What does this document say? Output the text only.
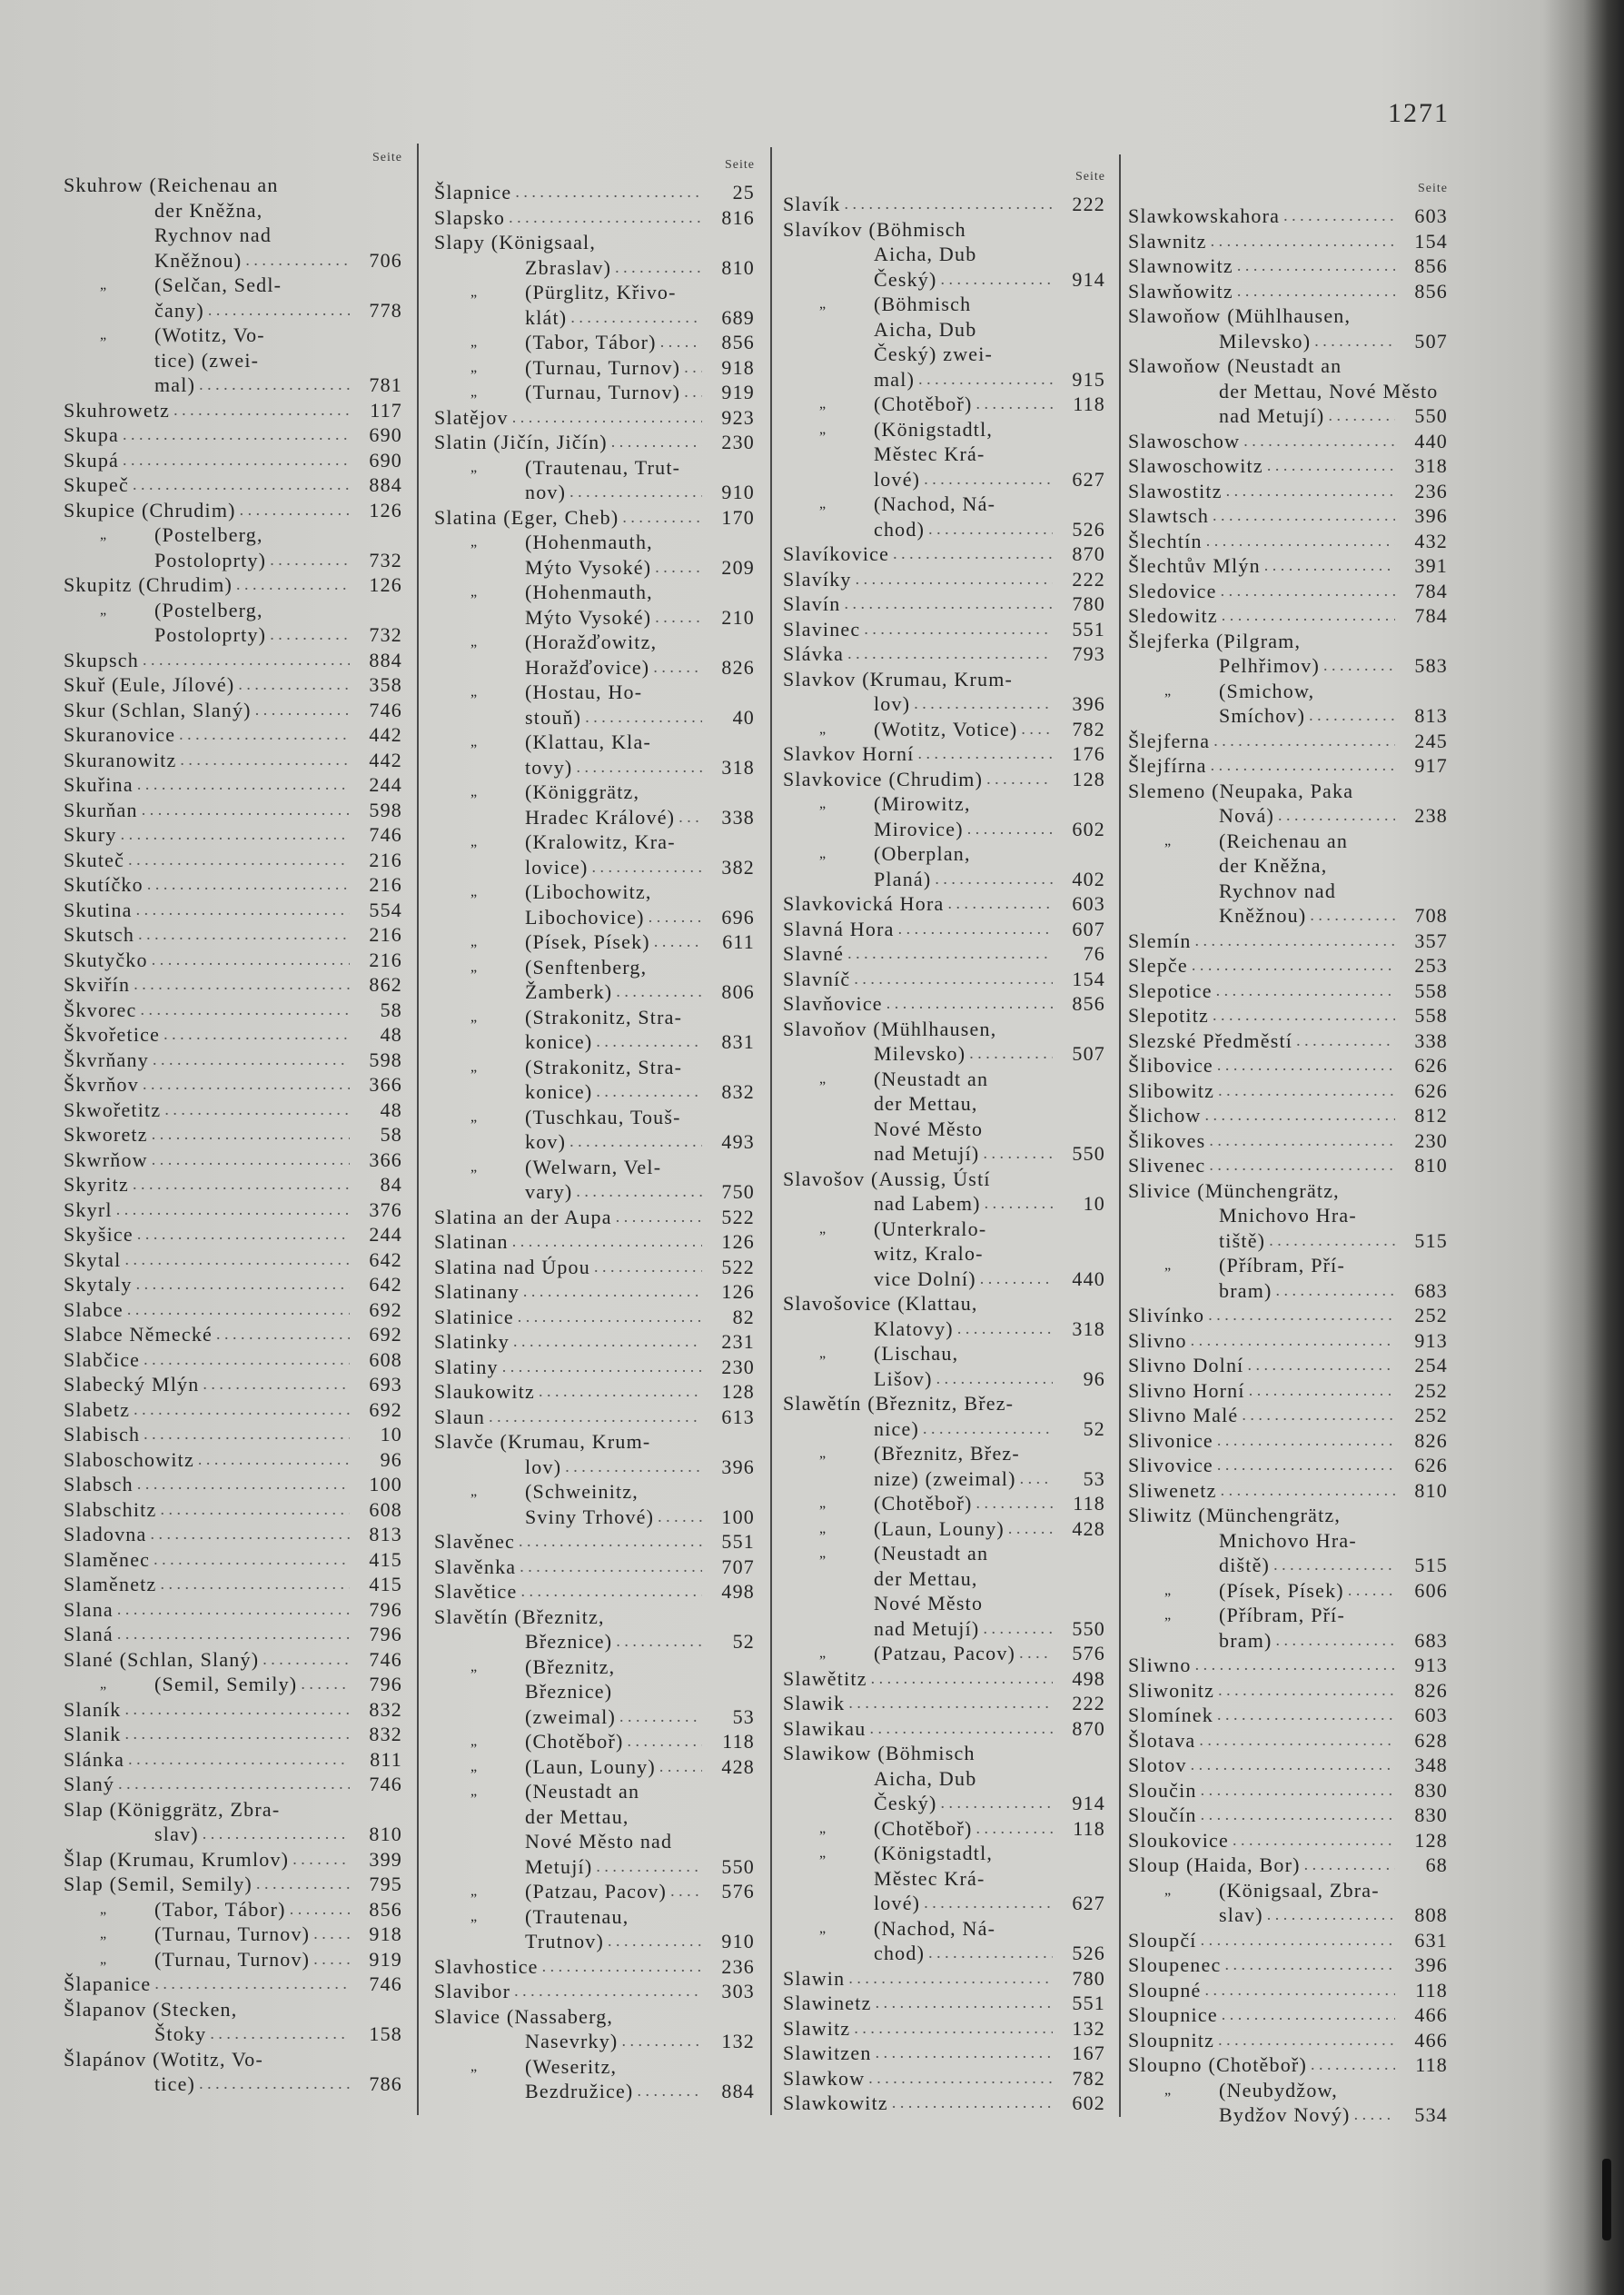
1271
Seite
Skuhrow (Reichenau an
der Kněžna,
Rychnov nad
Kněžnou) . . .	706
„ (Selčan, Sedl-
čany) . . .	778
„ (Wotitz, Vo-
tice) (zwei-
mal) . . .	781
Skuhrowetz . . .	117
Skupa . . .	690
Skupá . . .	690
Skupeč . . .	884
Skupice (Chrudim) . . .	126
„ (Postelberg,
Postoloprty) . . .	732
Skupitz (Chrudim) . . .	126
„ (Postelberg,
Postoloprty) . . .	732
Skupsch . . .	884
Skuř (Eule, Jílové) . . .	358
Skur (Schlan, Slaný) . . .	746
Skuranovice . . .	442
Skuranowitz . . .	442
Skuřina . . .	244
Skurňan . . .	598
Skury . . .	746
Skuteč . . .	216
Skutíčko . . .	216
Skutina . . .	554
Skutsch . . .	216
Skutyčko . . .	216
Skviřín . . .	862
Škvorec . . .	58
Škvořetice . . .	48
Škvrňany . . .	598
Škvrňov . . .	366
Skwořetitz . . .	48
Skworetz . . .	58
Skwrňow . . .	366
Skyritz . . .	84
Skyrl . . .	376
Skyšice . . .	244
Skytal . . .	642
Skytaly . . .	642
Slabce . . .	692
Slabce Německé . . .	692
Slabčice . . .	608
Slabecký Mlýn . . .	693
Slabetz . . .	692
Slabisch . . .	10
Slaboschowitz . . .	96
Slabsch . . .	100
Slabschitz . . .	608
Sladovna . . .	813
Slaměnec . . .	415
Slaměnetz . . .	415
Slana . . .	796
Slaná . . .	796
Slané (Schlan, Slaný) . . .	746
„ (Semil, Semily) . . .	796
Slaník . . .	832
Slanik . . .	832
Slánka . . .	811
Slaný . . .	746
Slap (Königgrätz, Zbra-
slav) . . .	810
Šlap (Krumau, Krumlov) . . .	399
Slap (Semil, Semily) . . .	795
„ (Tabor, Tábor) . . .	856
„ (Turnau, Turnov) . . .	918
„ (Turnau, Turnov) . . .	919
Šlapanice . . .	746
Šlapanov (Stecken,
Štoky . . .	158
Šlapánov (Wotitz, Vo-
tice) . . .	786
Seite
Šlapnice . . .	25
Slapsko . . .	816
Slapy (Königsaal,
Zbraslav) . . .	810
„ (Pürglitz, Křivo-
klát) . . .	689
„ (Tabor, Tábor) . . .	856
„ (Turnau, Turnov) . . .	918
„ (Turnau, Turnov) . . .	919
Slatějov . . .	923
Slatin (Jičín, Jičín) . . .	230
„ (Trautenau, Trut-
nov) . . .	910
Slatina (Eger, Cheb) . . .	170
„ (Hohenmauth,
Mýto Vysoké) . . .	209
„ (Hohenmauth,
Mýto Vysoké) . . .	210
„ (Horažďowitz,
Horažďovice) . . .	826
„ (Hostau, Ho-
stouň) . . .	40
„ (Klattau, Kla-
tovy) . . .	318
„ (Königgrätz,
Hradec Králové) . . .	338
„ (Kralowitz, Kra-
lovice) . . .	382
„ (Libochowitz,
Libochovice) . . .	696
„ (Písek, Písek) . . .	611
„ (Senftenberg,
Žamberk) . . .	806
„ (Strakonitz, Stra-
konice) . . .	831
„ (Strakonitz, Stra-
konice) . . .	832
„ (Tuschkau, Touš-
kov) . . .	493
„ (Welwarn, Vel-
vary) . . .	750
Slatina an der Aupa . . .	522
Slatinan . . .	126
Slatina nad Úpou . . .	522
Slatinany . . .	126
Slatinice . . .	82
Slatinky . . .	231
Slatiny . . .	230
Slaukowitz . . .	128
Slaun . . .	613
Slavče (Krumau, Krum-
lov) . . .	396
„ (Schweinitz,
Sviny Trhové) . . .	100
Slavěnec . . .	551
Slavěnka . . .	707
Slavětice . . .	498
Slavětín (Březnitz,
Březnice) . . .	52
„ (Březnitz,
Březnice)
(zweimal) . . .	53
„ (Chotěboř) . . .	118
„ (Laun, Louny) . . .	428
„ (Neustadt an
der Mettau,
Nové Město nad
Metují) . . .	550
„ (Patzau, Pacov) . . .	576
„ (Trautenau,
Trutnov) . . .	910
Slavhostice . . .	236
Slavibor . . .	303
Slavice (Nassaberg,
Nasevrky) . . .	132
„ (Weseritz,
Bezdružice) . . .	884
Seite
Slavík . . .	222
Slavíkov (Böhmisch
Aicha, Dub
Český) . . .	914
„ (Böhmisch
Aicha, Dub
Český) zwei-
mal) . . .	915
„ (Chotěboř) . . .	118
„ (Königstadtl,
Městec Krá-
lové) . . .	627
„ (Nachod, Ná-
chod) . . .	526
Slavíkovice . . .	870
Slavíky . . .	222
Slavín . . .	780
Slavinec . . .	551
Slávka . . .	793
Slavkov (Krumau, Krum-
lov) . . .	396
„ (Wotitz, Votice) . . .	782
Slavkov Horní . . .	176
Slavkovice (Chrudim) . . .	128
„ (Mirowitz,
Mirovice) . . .	602
„ (Oberplan,
Planá) . . .	402
Slavkovická Hora . . .	603
Slavná Hora . . .	607
Slavné . . .	76
Slavníč . . .	154
Slavňovice . . .	856
Slavoňov (Mühlhausen,
Milevsko) . . .	507
„ (Neustadt an
der Mettau,
Nové Město
nad Metují) . . .	550
Slavošov (Aussig, Ústí
nad Labem) . . .	10
„ (Unterkralo-
witz, Kralo-
vice Dolní) . . .	440
Slavošovice (Klattau,
Klatovy) . . .	318
„ (Lischau,
Lišov) . . .	96
Slawětín (Březnitz, Břez-
nice) . . .	52
„ (Březnitz, Břez-
nize) (zweimal) . . .	53
„ (Chotěboř) . . .	118
„ (Laun, Louny) . . .	428
„ (Neustadt an
der Mettau,
Nové Město
nad Metují) . . .	550
„ (Patzau, Pacov) . . .	576
Slawětitz . . .	498
Slawik . . .	222
Slawikau . . .	870
Slawikow (Böhmisch
Aicha, Dub
Český) . . .	914
„ (Chotěboř) . . .	118
„ (Königstadtl,
Městec Krá-
lové) . . .	627
„ (Nachod, Ná-
chod) . . .	526
Slawin . . .	780
Slawinetz . . .	551
Slawitz . . .	132
Slawitzen . . .	167
Slawkow . . .	782
Slawkowitz . . .	602
Seite
Slawkowskahora . . .	603
Slawnitz . . .	154
Slawnowitz . . .	856
Slawňowitz . . .	856
Slawoňow (Mühlhausen,
Milevsko) . . .	507
Slawoňow (Neustadt an
der Mettau, Nové Město
nad Metují) . . .	550
Slawoschow . . .	440
Slawoschowitz . . .	318
Slawostitz . . .	236
Slawtsch . . .	396
Šlechtín . . .	432
Šlechtův Mlýn . . .	391
Sledovice . . .	784
Sledowitz . . .	784
Šlejferka (Pilgram,
Pelhřimov) . . .	583
„ (Smichow,
Smíchov) . . .	813
Šlejferna . . .	245
Šlejfírna . . .	917
Slemeno (Neupaka, Paka
Nová) . . .	238
„ (Reichenau an
der Kněžna,
Rychnov nad
Kněžnou) . . .	708
Slemín . . .	357
Slepče . . .	253
Slepotice . . .	558
Slepotitz . . .	558
Slezské Předměstí . . .	338
Šlibovice . . .	626
Slibowitz . . .	626
Šlichow . . .	812
Šlikoves . . .	230
Slivenec . . .	810
Slivice (Münchengrätz,
Mnichovo Hra-
tiště) . . .	515
„ (Příbram, Pří-
bram) . . .	683
Slivínko . . .	252
Slivno . . .	913
Slivno Dolní . . .	254
Slivno Horní . . .	252
Slivno Malé . . .	252
Slivonice . . .	826
Slivovice . . .	626
Sliwenetz . . .	810
Sliwitz (Münchengrätz,
Mnichovo Hra-
diště) . . .	515
„ (Písek, Písek) . . .	606
„ (Příbram, Pří-
bram) . . .	683
Sliwno . . .	913
Sliwonitz . . .	826
Slomínek . . .	603
Šlotava . . .	628
Slotov . . .	348
Sloučin . . .	830
Sloučín . . .	830
Sloukovice . . .	128
Sloup (Haida, Bor) . . .	68
„ (Königsaal, Zbra-
slav) . . .	808
Sloupčí . . .	631
Sloupenec . . .	396
Sloupné . . .	118
Sloupnice . . .	466
Sloupnitz . . .	466
Sloupno (Chotěboř) . . .	118
„ (Neubydžow,
Bydžov Nový) . . .	534
